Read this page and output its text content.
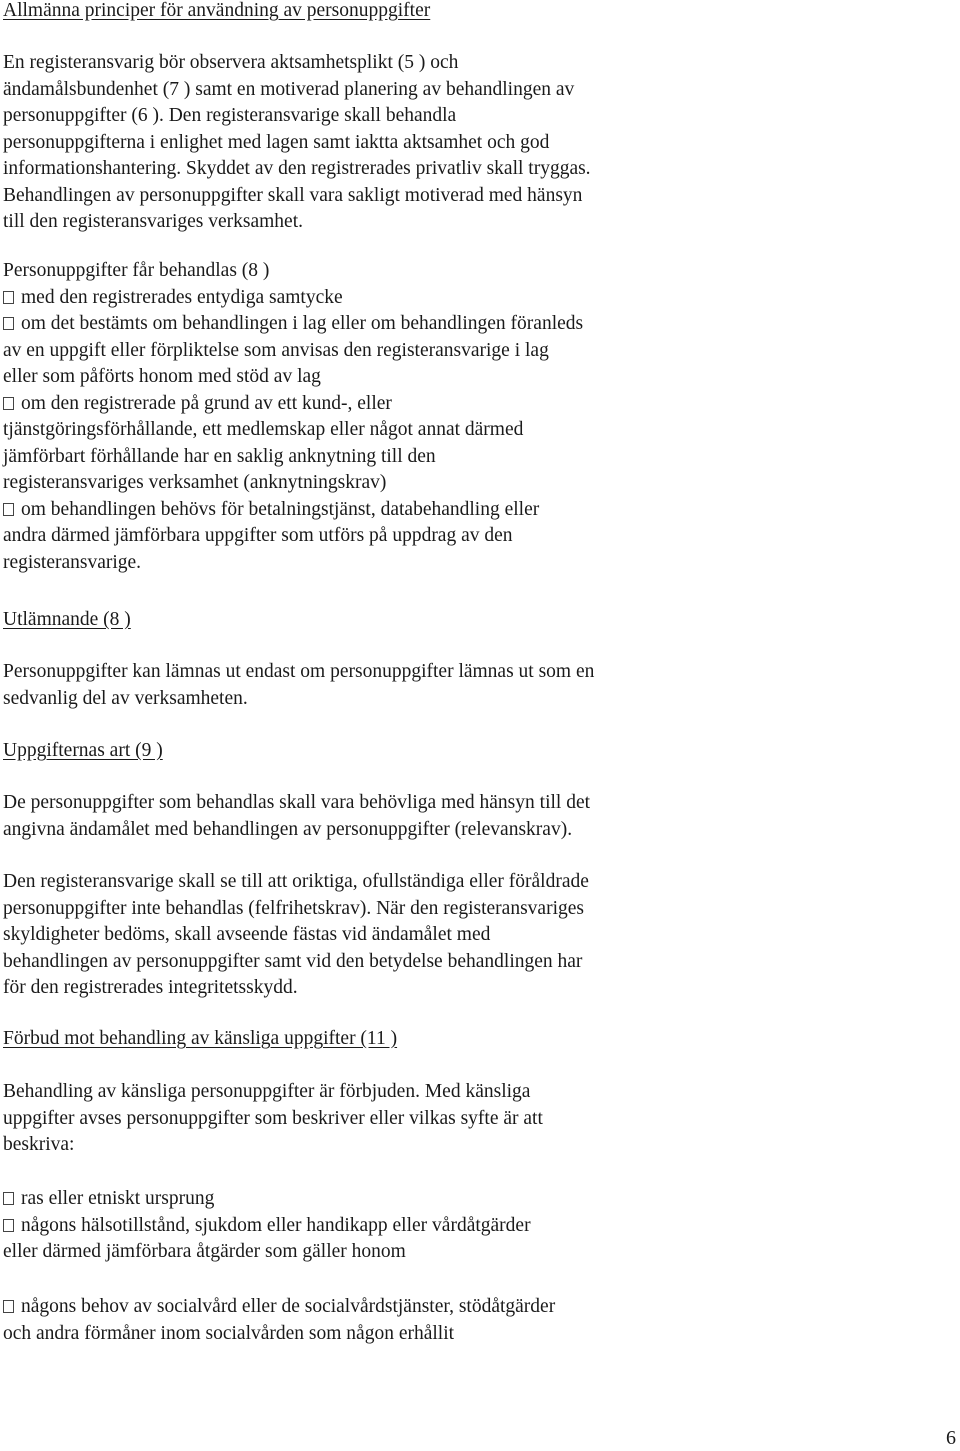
Allmänna principer för användning av personuppgifter
En registeransvarig bör observera aktsamhetsplikt (5 ) och
ändamålsbundenhet (7 ) samt en motiverad planering av behandlingen av
personuppgifter (6 ). Den registeransvarige skall behandla
personuppgifterna i enlighet med lagen samt iaktta aktsamhet och god
informationshantering. Skyddet av den registrerades privatliv skall tryggas.
Behandlingen av personuppgifter skall vara sakligt motiverad med hänsyn
till den registeransvariges verksamhet.
Personuppgifter får behandlas (8 )
med den registrerades entydiga samtycke
om det bestämts om behandlingen i lag eller om behandlingen föranleds
av en uppgift eller förpliktelse som anvisas den registeransvarige i lag
eller som påförts honom med stöd av lag
om den registrerade på grund av ett kund-, eller
tjänstgöringsförhållande, ett medlemskap eller något annat därmed
jämförbart förhållande har en saklig anknytning till den
registeransvariges verksamhet (anknytningskrav)
om behandlingen behövs för betalningstjänst, databehandling eller
andra därmed jämförbara uppgifter som utförs på uppdrag av den
registeransvarige.
Utlämnande (8 )
Personuppgifter kan lämnas ut endast om personuppgifter lämnas ut som en
sedvanlig del av verksamheten.
Uppgifternas art (9 )
De personuppgifter som behandlas skall vara behövliga med hänsyn till det
angivna ändamålet med behandlingen av personuppgifter (relevanskrav).
Den registeransvarige skall se till att oriktiga, ofullständiga eller föråldrade
personuppgifter inte behandlas (felfrihetskrav). När den registeransvariges
skyldigheter bedöms, skall avseende fästas vid ändamålet med
behandlingen av personuppgifter samt vid den betydelse behandlingen har
för den registrerades integritetsskydd.
Förbud mot behandling av känsliga uppgifter (11 )
Behandling av känsliga personuppgifter är förbjuden. Med känsliga
uppgifter avses personuppgifter som beskriver eller vilkas syfte är att
beskriva:
ras eller etniskt ursprung
någons hälsotillstånd, sjukdom eller handikapp eller vårdåtgärder
eller därmed jämförbara åtgärder som gäller honom
någons behov av socialvård eller de socialvårdstjänster, stödåtgärder
och andra förmåner inom socialvården som någon erhållit
6
